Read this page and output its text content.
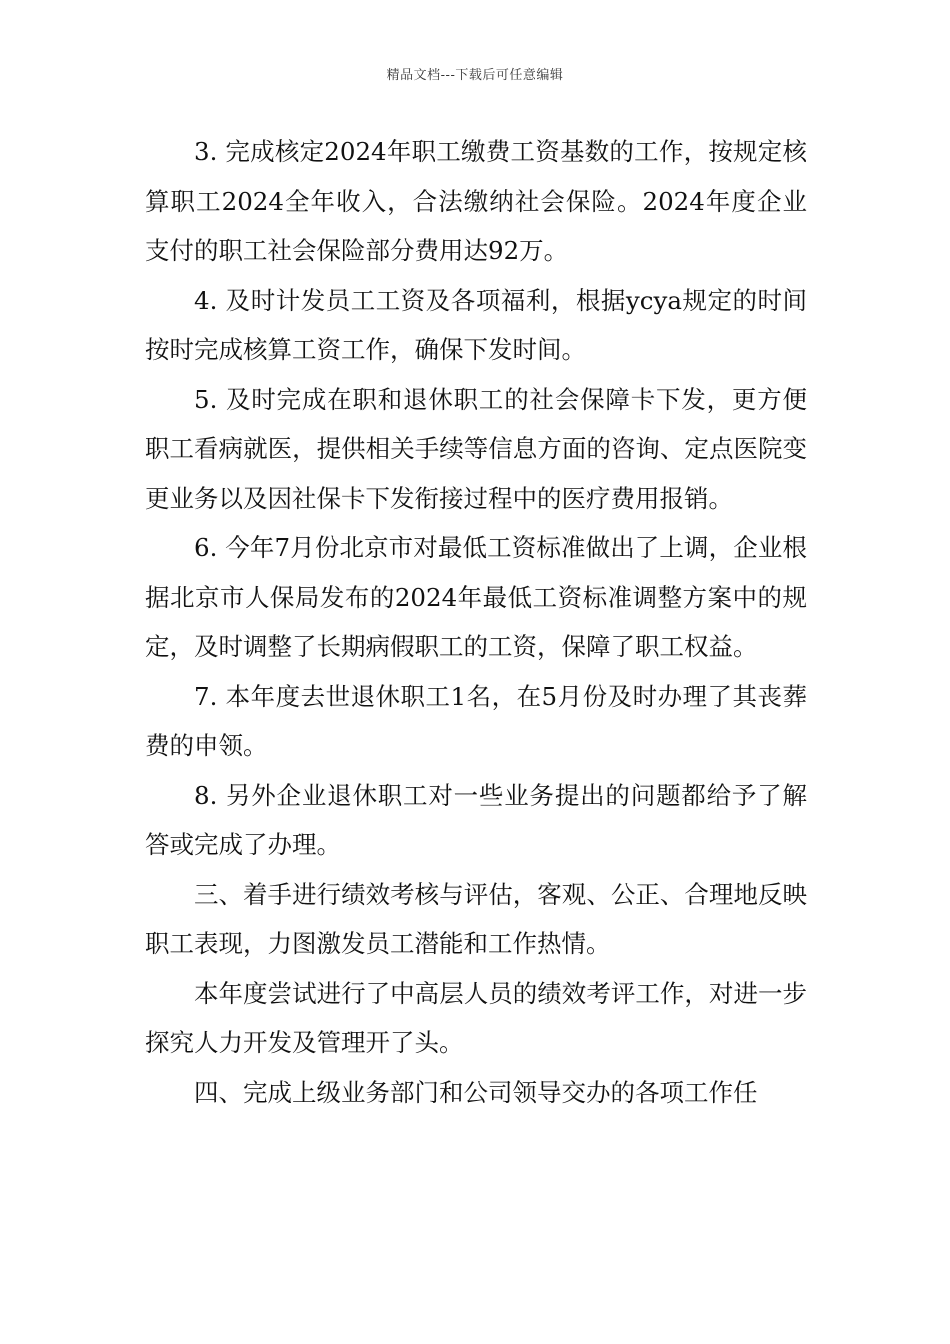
精品文档---下载后可任意编辑

3. 完成核定2024年职工缴费工资基数的工作，按规定核算职工2024全年收入，合法缴纳社会保险。2024年度企业支付的职工社会保险部分费用达92万。

4. 及时计发员工工资及各项福利，根据ycya规定的时间按时完成核算工资工作，确保下发时间。

5. 及时完成在职和退休职工的社会保障卡下发，更方便职工看病就医，提供相关手续等信息方面的咨询、定点医院变更业务以及因社保卡下发衔接过程中的医疗费用报销。

6. 今年7月份北京市对最低工资标准做出了上调，企业根据北京市人保局发布的2024年最低工资标准调整方案中的规定，及时调整了长期病假职工的工资，保障了职工权益。

7. 本年度去世退休职工1名，在5月份及时办理了其丧葬费的申领。

8. 另外企业退休职工对一些业务提出的问题都给予了解答或完成了办理。

三、着手进行绩效考核与评估，客观、公正、合理地反映职工表现，力图激发员工潜能和工作热情。

本年度尝试进行了中高层人员的绩效考评工作，对进一步探究人力开发及管理开了头。

四、完成上级业务部门和公司领导交办的各项工作任
